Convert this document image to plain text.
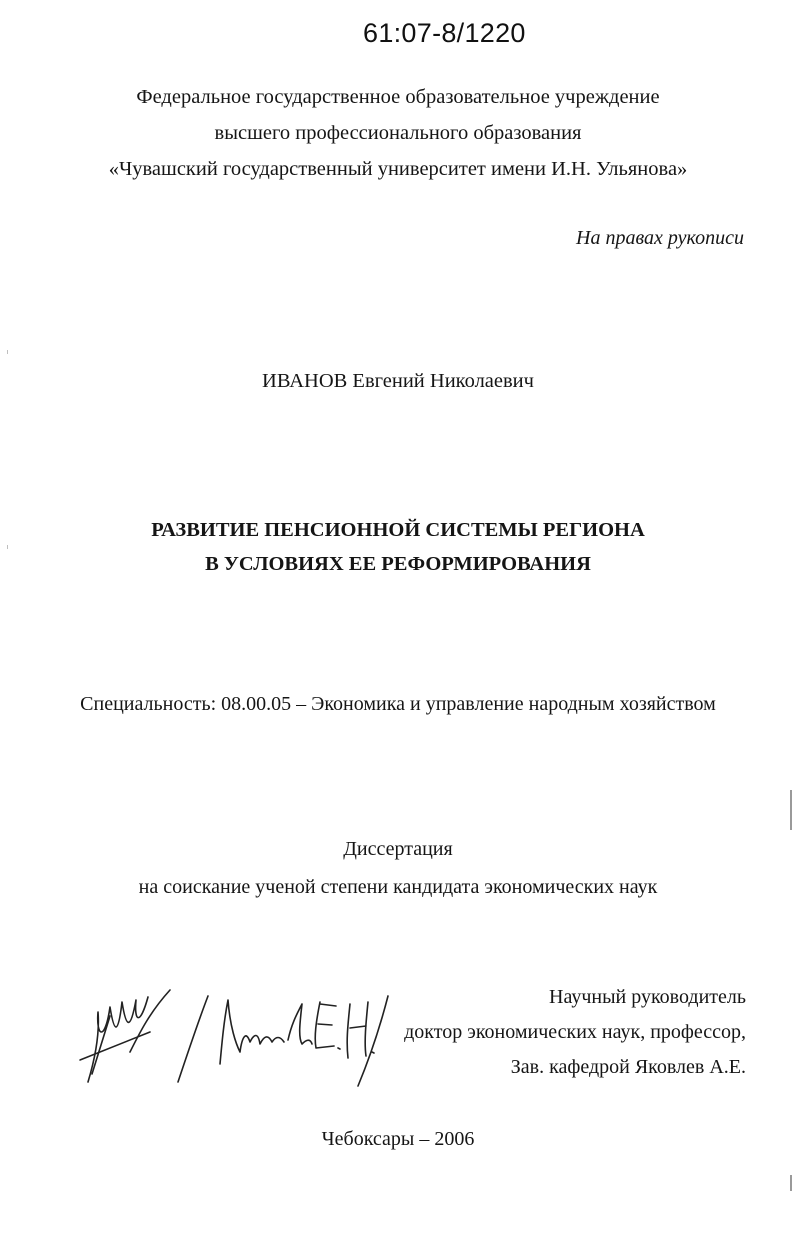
61:07-8/1220
Федеральное государственное образовательное учреждение
высшего профессионального образования
«Чувашский государственный университет имени И.Н. Ульянова»
На правах рукописи
ИВАНОВ Евгений Николаевич
РАЗВИТИЕ ПЕНСИОННОЙ СИСТЕМЫ РЕГИОНА
В УСЛОВИЯХ ЕЕ РЕФОРМИРОВАНИЯ
Специальность: 08.00.05 – Экономика и управление народным хозяйством
Диссертация
на соискание ученой степени кандидата экономических наук
Научный руководитель
доктор экономических наук, профессор,
Зав. кафедрой Яковлев А.Е.
Чебоксары – 2006
